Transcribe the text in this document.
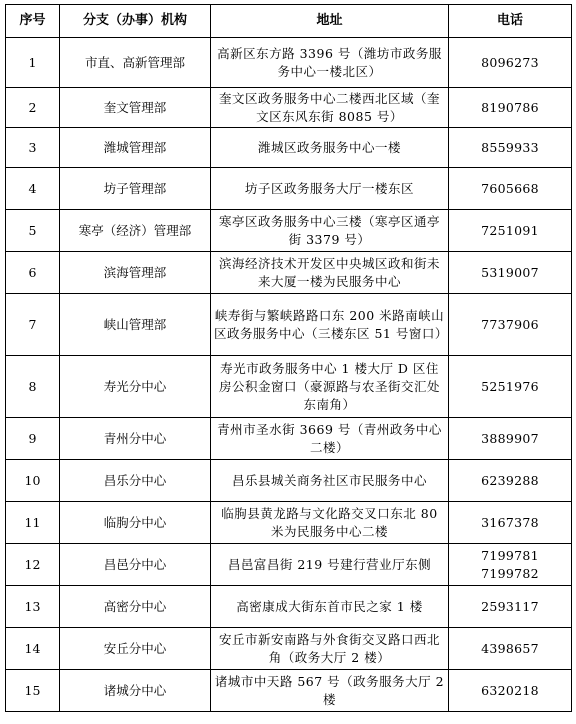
序号	分支（办事）机构	地址	电话
1	市直、高新管理部	高新区东方路 3396 号（潍坊市政务服务中心一楼北区）	8096273

2	奎文管理部	奎文区政务服务中心二楼西北区域（奎文区东风东街 8085 号）	8190786

3	潍城管理部	潍城区政务服务中心一楼	8559933

4	坊子管理部	坊子区政务服务大厅一楼东区	7605668

5	寒亭（经济）管理部	寒亭区政务服务中心三楼（寒亭区通亭街 3379 号）	7251091

6	滨海管理部	滨海经济技术开发区中央城区政和街未来大厦一楼为民服务中心	5319007

7	峡山管理部	峡寿街与繁峡路路口东 200 米路南峡山区政务服务中心（三楼东区 51 号窗口）	7737906

8	寿光分中心	寿光市政务服务中心 1 楼大厅 D 区住房公积金窗口（豪源路与农圣街交汇处东南角）	5251976

9	青州分中心	青州市圣水街 3669 号（青州政务中心二楼）	3889907

10	昌乐分中心	昌乐县城关商务社区市民服务中心	6239288

11	临朐分中心	临朐县黄龙路与文化路交叉口东北 80 米为民服务中心二楼	3167378

12	昌邑分中心	昌邑富昌街 219 号建行营业厅东侧	7199781
7199782

13	高密分中心	高密康成大街东首市民之家 1 楼	2593117

14	安丘分中心	安丘市新安南路与外食街交叉路口西北角（政务大厅 2 楼）	4398657

15	诸城分中心	诸城市中天路 567 号（政务服务大厅 2 楼	6320218
